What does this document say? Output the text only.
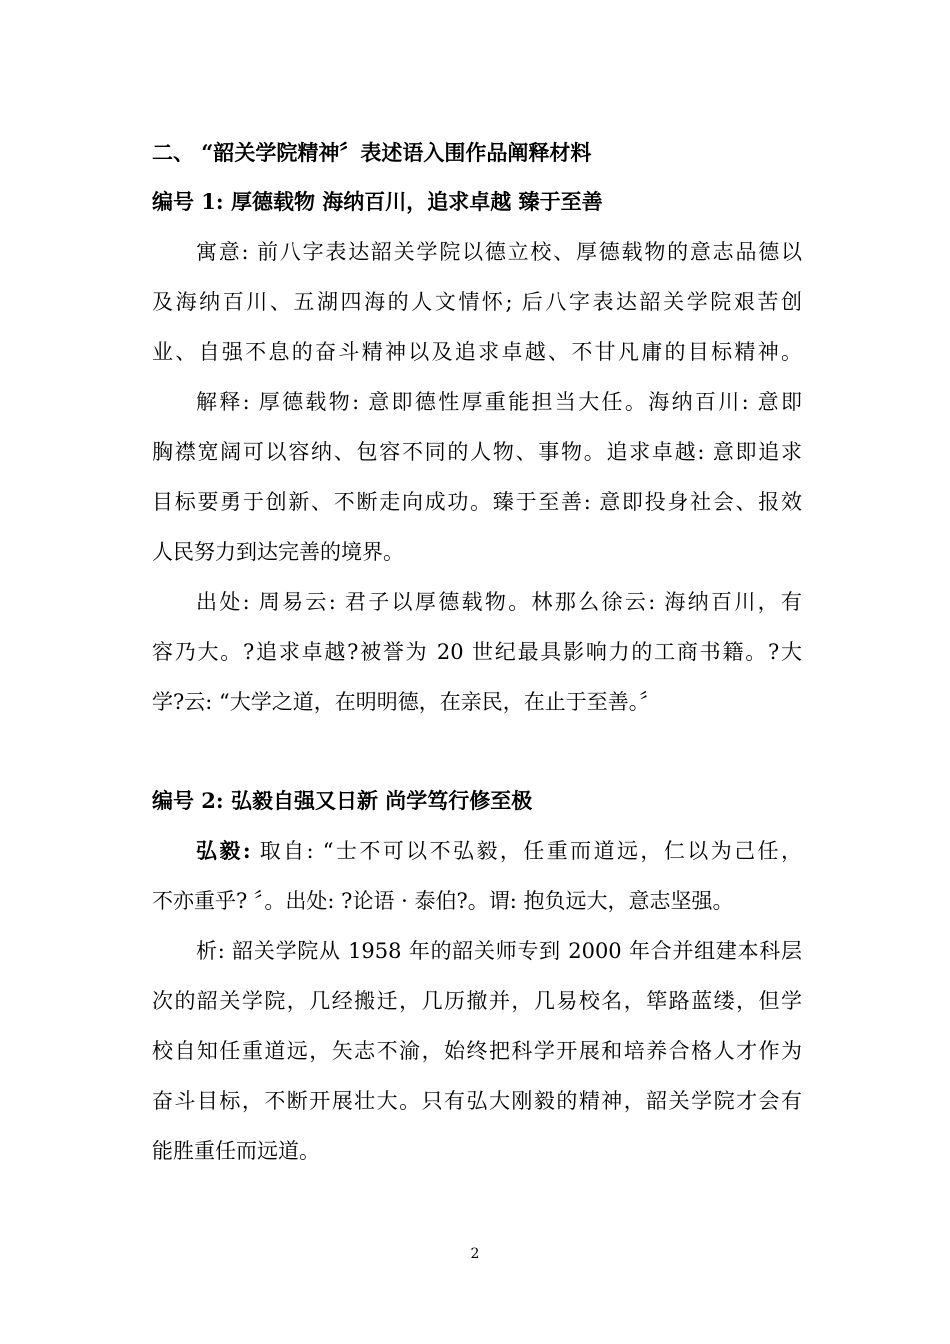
二、 “韶关学院精神〞表述语入围作品阐释材料
编号 1: 厚德载物 海纳百川，追求卓越 臻于至善
寓意: 前八字表达韶关学院以德立校、厚德载物的意志品德以
及海纳百川、五湖四海的人文情怀; 后八字表达韶关学院艰苦创
业、自强不息的奋斗精神以及追求卓越、不甘凡庸的目标精神。
解释: 厚德载物: 意即德性厚重能担当大任。海纳百川: 意即
胸襟宽阔可以容纳、包容不同的人物、事物。追求卓越: 意即追求
目标要勇于创新、不断走向成功。臻于至善: 意即投身社会、报效
人民努力到达完善的境界。
出处: 周易云: 君子以厚德载物。林那么徐云: 海纳百川，有
容乃大。?追求卓越?被誉为 20 世纪最具影响力的工商书籍。?大
学?云: “大学之道，在明明德，在亲民，在止于至善。〞
编号 2: 弘毅自强又日新 尚学笃行修至极
弘毅: 取自: “士不可以不弘毅，任重而道远，仁以为己任，
不亦重乎? 〞。出处: ?论语 · 泰伯?。谓: 抱负远大，意志坚强。
析: 韶关学院从 1958 年的韶关师专到 2000 年合并组建本科层
次的韶关学院，几经搬迁，几历撤并，几易校名，筚路蓝缕，但学
校自知任重道远，矢志不渝，始终把科学开展和培养合格人才作为
奋斗目标，不断开展壮大。只有弘大刚毅的精神，韶关学院才会有
能胜重任而远道。
2
